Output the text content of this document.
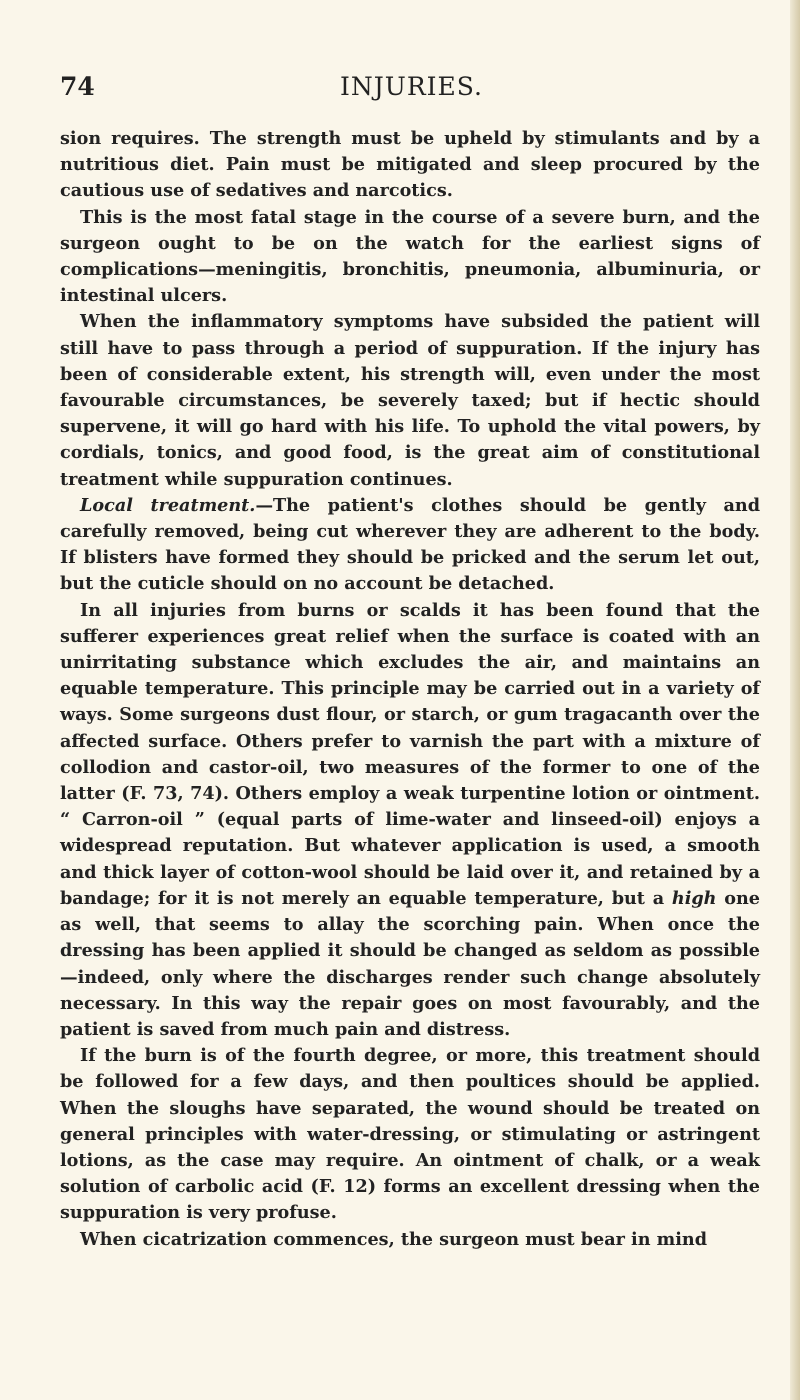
74	INJURIES.

sion requires. The strength must be upheld by stimulants and by a nutritious diet. Pain must be mitigated and sleep procured by the cautious use of sedatives and narcotics.

This is the most fatal stage in the course of a severe burn, and the surgeon ought to be on the watch for the earliest signs of complications—meningitis, bronchitis, pneumonia, albuminuria, or intestinal ulcers.

When the inflammatory symptoms have subsided the patient will still have to pass through a period of suppuration. If the injury has been of considerable extent, his strength will, even under the most favourable circumstances, be severely taxed; but if hectic should supervene, it will go hard with his life. To uphold the vital powers, by cordials, tonics, and good food, is the great aim of constitutional treatment while suppuration continues.

Local treatment.—The patient's clothes should be gently and carefully removed, being cut wherever they are adherent to the body. If blisters have formed they should be pricked and the serum let out, but the cuticle should on no account be detached.

In all injuries from burns or scalds it has been found that the sufferer experiences great relief when the surface is coated with an unirritating substance which excludes the air, and maintains an equable temperature. This principle may be carried out in a variety of ways. Some surgeons dust flour, or starch, or gum tragacanth over the affected surface. Others prefer to varnish the part with a mixture of collodion and castor-oil, two measures of the former to one of the latter (F. 73, 74). Others employ a weak turpentine lotion or ointment. “ Carron-oil ” (equal parts of lime-water and linseed-oil) enjoys a widespread reputation. But whatever application is used, a smooth and thick layer of cotton-wool should be laid over it, and retained by a bandage; for it is not merely an equable temperature, but a high one as well, that seems to allay the scorching pain. When once the dressing has been applied it should be changed as seldom as possible—indeed, only where the discharges render such change absolutely necessary. In this way the repair goes on most favourably, and the patient is saved from much pain and distress.

If the burn is of the fourth degree, or more, this treatment should be followed for a few days, and then poultices should be applied. When the sloughs have separated, the wound should be treated on general principles with water-dressing, or stimulating or astringent lotions, as the case may require. An ointment of chalk, or a weak solution of carbolic acid (F. 12) forms an excellent dressing when the suppuration is very profuse.

When cicatrization commences, the surgeon must bear in mind
